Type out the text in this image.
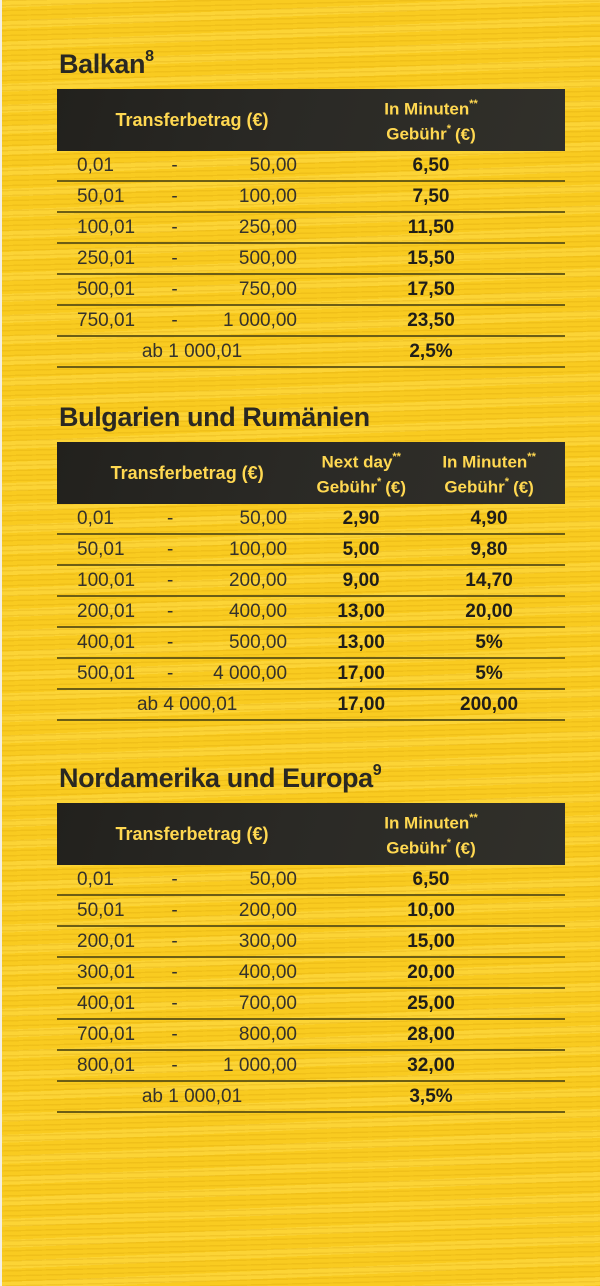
Balkan$^8$
Transferbetrag (€)	In Minuten**
Gebühr* (€)
0,01	-	50,00	6,50
50,01	-	100,00	7,50
100,01	-	250,00	11,50
250,01	-	500,00	15,50
500,01	-	750,00	17,50
750,01	-	1 000,00	23,50
ab 1 000,01	2,5%
Bulgarien und Rumänien
Transferbetrag (€)	Next day**
Gebühr* (€)
In Minuten**
Gebühr* (€)
0,01	-	50,00	2,90	4,90
50,01	-	100,00	5,00	9,80
100,01	-	200,00	9,00	14,70
200,01	-	400,00	13,00	20,00
400,01	-	500,00	13,00	5%
500,01	-	4 000,00	17,00	5%
ab 4 000,01	17,00	200,00
Nordamerika und Europa$^9$
Transferbetrag (€)	In Minuten**
Gebühr* (€)
0,01	-	50,00	6,50
50,01	-	200,00	10,00
200,01	-	300,00	15,00
300,01	-	400,00	20,00
400,01	-	700,00	25,00
700,01	-	800,00	28,00
800,01	-	1 000,00	32,00
ab 1 000,01	3,5%
